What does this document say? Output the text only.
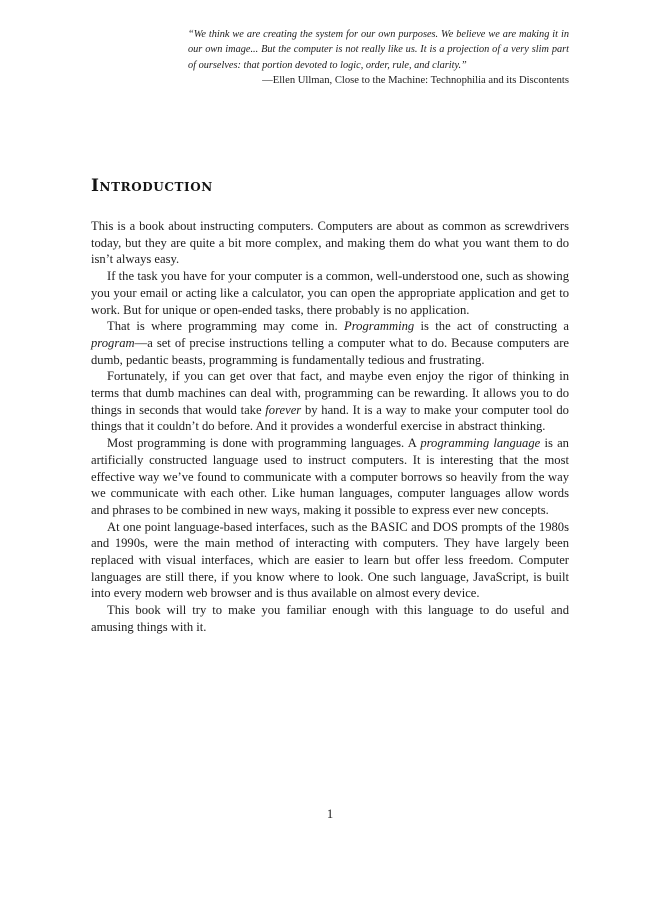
“We think we are creating the system for our own purposes. We believe we are making it in our own image... But the computer is not really like us. It is a projection of a very slim part of ourselves: that portion devoted to logic, order, rule, and clarity.”

—Ellen Ullman, Close to the Machine: Technophilia and its Discontents

Introduction

This is a book about instructing computers. Computers are about as common as screwdrivers today, but they are quite a bit more complex, and making them do what you want them to do isn’t always easy.

If the task you have for your computer is a common, well-understood one, such as showing you your email or acting like a calculator, you can open the appropriate application and get to work. But for unique or open-ended tasks, there probably is no application.

That is where programming may come in. Programming is the act of constructing a program—a set of precise instructions telling a computer what to do. Because computers are dumb, pedantic beasts, programming is fundamentally tedious and frustrating.

Fortunately, if you can get over that fact, and maybe even enjoy the rigor of thinking in terms that dumb machines can deal with, programming can be rewarding. It allows you to do things in seconds that would take forever by hand. It is a way to make your computer tool do things that it couldn’t do before. And it provides a wonderful exercise in abstract thinking.

Most programming is done with programming languages. A programming language is an artificially constructed language used to instruct computers. It is interesting that the most effective way we’ve found to communicate with a computer borrows so heavily from the way we communicate with each other. Like human languages, computer languages allow words and phrases to be combined in new ways, making it possible to express ever new concepts.

At one point language-based interfaces, such as the BASIC and DOS prompts of the 1980s and 1990s, were the main method of interacting with computers. They have largely been replaced with visual interfaces, which are easier to learn but offer less freedom. Computer languages are still there, if you know where to look. One such language, JavaScript, is built into every modern web browser and is thus available on almost every device.

This book will try to make you familiar enough with this language to do useful and amusing things with it.

1
